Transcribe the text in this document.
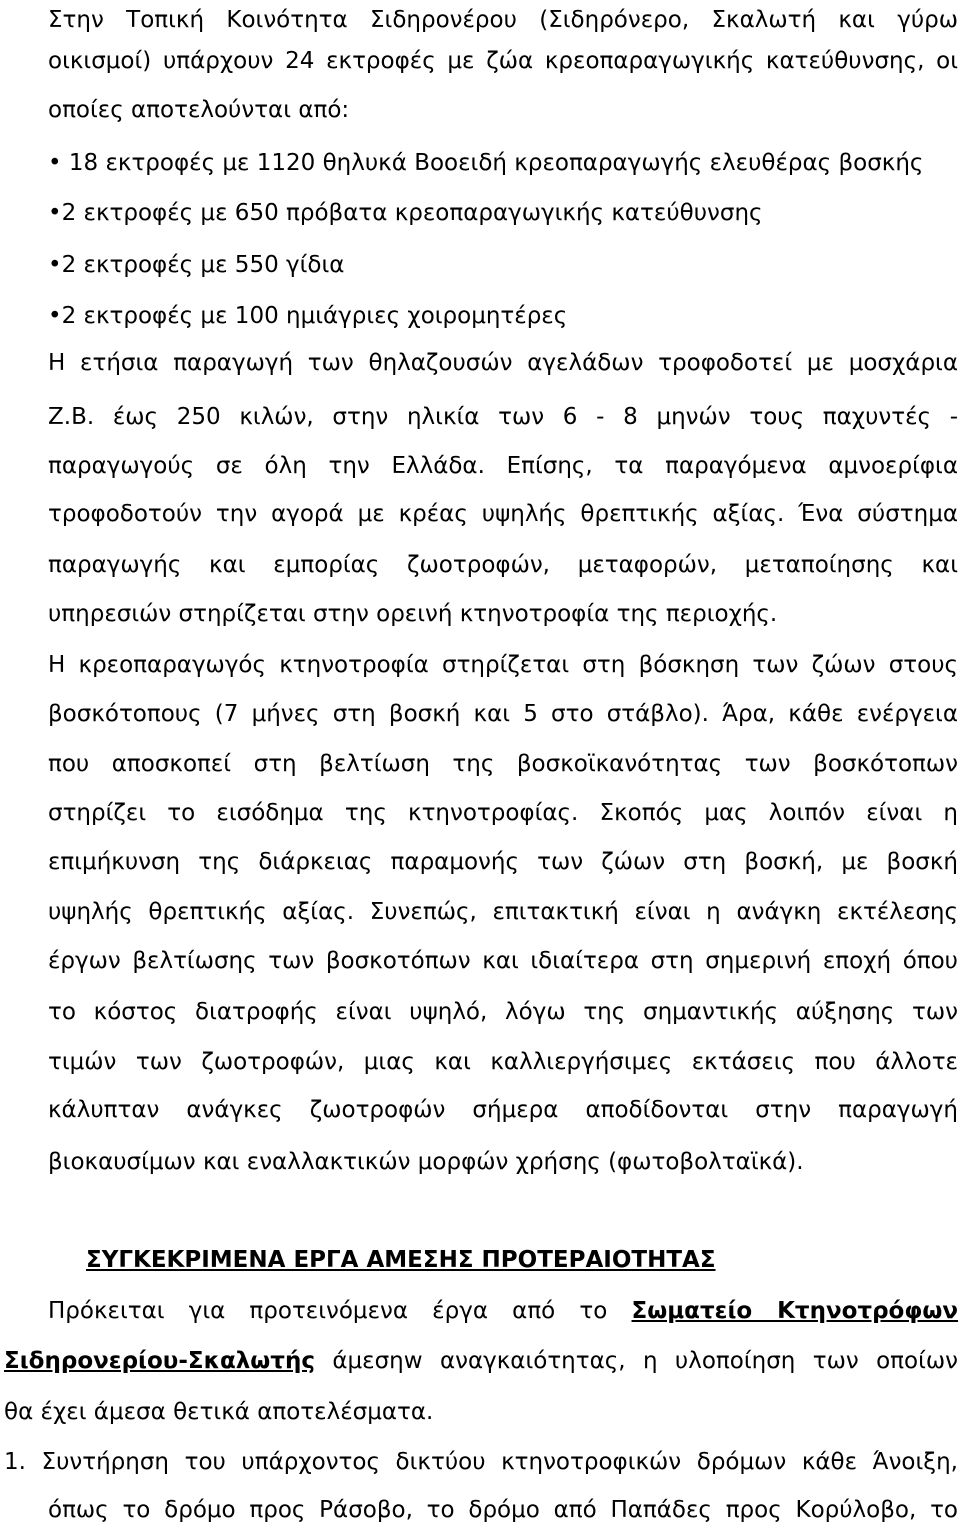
Στην Τοπική Κοινότητα Σιδηρονέρου (Σιδηρόνερο, Σκαλωτή και γύρω
οικισμοί) υπάρχουν 24 εκτροφές με ζώα κρεοπαραγωγικής κατεύθυνσης, οι
οποίες αποτελούνται από:
• 18 εκτροφές με 1120 θηλυκά Βοοειδή κρεοπαραγωγής ελευθέρας βοσκής
•2 εκτροφές με 650 πρόβατα κρεοπαραγωγικής κατεύθυνσης
•2 εκτροφές με 550 γίδια
•2 εκτροφές με 100 ημιάγριες χοιρομητέρες
Η ετήσια παραγωγή των θηλαζουσών αγελάδων τροφοδοτεί με μοσχάρια
Ζ.Β. έως 250 κιλών, στην ηλικία των 6 - 8 μηνών τους παχυντές -
παραγωγούς σε όλη την Ελλάδα. Επίσης, τα παραγόμενα αμνοερίφια
τροφοδοτούν την αγορά με κρέας υψηλής θρεπτικής αξίας. Ένα σύστημα
παραγωγής και εμπορίας ζωοτροφών, μεταφορών, μεταποίησης και
υπηρεσιών στηρίζεται στην ορεινή κτηνοτροφία της περιοχής.
Η κρεοπαραγωγός κτηνοτροφία στηρίζεται στη βόσκηση των ζώων στους
βοσκότοπους (7 μήνες στη βοσκή και 5 στο στάβλο). Άρα, κάθε ενέργεια
που αποσκοπεί στη βελτίωση της βοσκοϊκανότητας των βοσκότοπων
στηρίζει το εισόδημα της κτηνοτροφίας. Σκοπός μας λοιπόν είναι η
επιμήκυνση της διάρκειας παραμονής των ζώων στη βοσκή, με βοσκή
υψηλής θρεπτικής αξίας. Συνεπώς, επιτακτική είναι η ανάγκη εκτέλεσης
έργων βελτίωσης των βοσκοτόπων και ιδιαίτερα στη σημερινή εποχή όπου
το κόστος διατροφής είναι υψηλό, λόγω της σημαντικής αύξησης των
τιμών των ζωοτροφών, μιας και καλλιεργήσιμες εκτάσεις που άλλοτε
κάλυπταν ανάγκες ζωοτροφών σήμερα αποδίδονται στην παραγωγή
βιοκαυσίμων και εναλλακτικών μορφών χρήσης (φωτοβολταϊκά).
ΣΥΓΚΕΚΡΙΜΕΝΑ ΕΡΓΑ ΑΜΕΣΗΣ ΠΡΟΤΕΡΑΙΟΤΗΤΑΣ
Πρόκειται για προτεινόμενα έργα από το Σωματείο Κτηνοτρόφων
Σιδηρονερίου-Σκαλωτής άμεσηw αναγκαιότητας, η υλοποίηση των οποίων
θα έχει άμεσα θετικά αποτελέσματα.
1. Συντήρηση του υπάρχοντος δικτύου κτηνοτροφικών δρόμων κάθε Άνοιξη,
όπως το δρόμο προς Ράσοβο, το δρόμο από Παπάδες προς Κορύλοβο, το
